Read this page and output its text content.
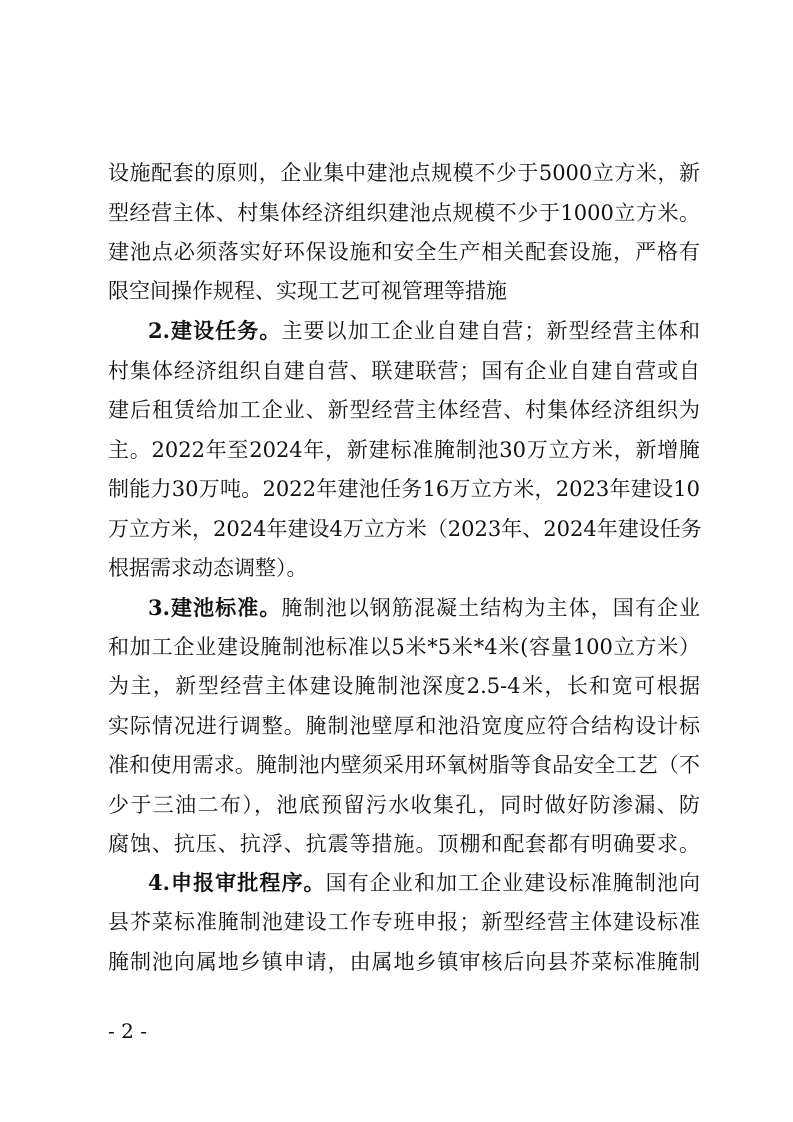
设施配套的原则，企业集中建池点规模不少于5000立方米，新
型经营主体、村集体经济组织建池点规模不少于1000立方米。
建池点必须落实好环保设施和安全生产相关配套设施，严格有
限空间操作规程、实现工艺可视管理等措施
2.建设任务。主要以加工企业自建自营；新型经营主体和
村集体经济组织自建自营、联建联营；国有企业自建自营或自
建后租赁给加工企业、新型经营主体经营、村集体经济组织为
主。2022年至2024年，新建标准腌制池30万立方米，新增腌
制能力30万吨。2022年建池任务16万立方米，2023年建设10
万立方米，2024年建设4万立方米（2023年、2024年建设任务
根据需求动态调整）。
3.建池标准。腌制池以钢筋混凝土结构为主体，国有企业
和加工企业建设腌制池标准以5米*5米*4米(容量100立方米）
为主，新型经营主体建设腌制池深度2.5-4米，长和宽可根据
实际情况进行调整。腌制池壁厚和池沿宽度应符合结构设计标
准和使用需求。腌制池内壁须采用环氧树脂等食品安全工艺（不
少于三油二布），池底预留污水收集孔，同时做好防渗漏、防
腐蚀、抗压、抗浮、抗震等措施。顶棚和配套都有明确要求。
4.申报审批程序。国有企业和加工企业建设标准腌制池向
县芥菜标准腌制池建设工作专班申报；新型经营主体建设标准
腌制池向属地乡镇申请，由属地乡镇审核后向县芥菜标准腌制
- 2 -
